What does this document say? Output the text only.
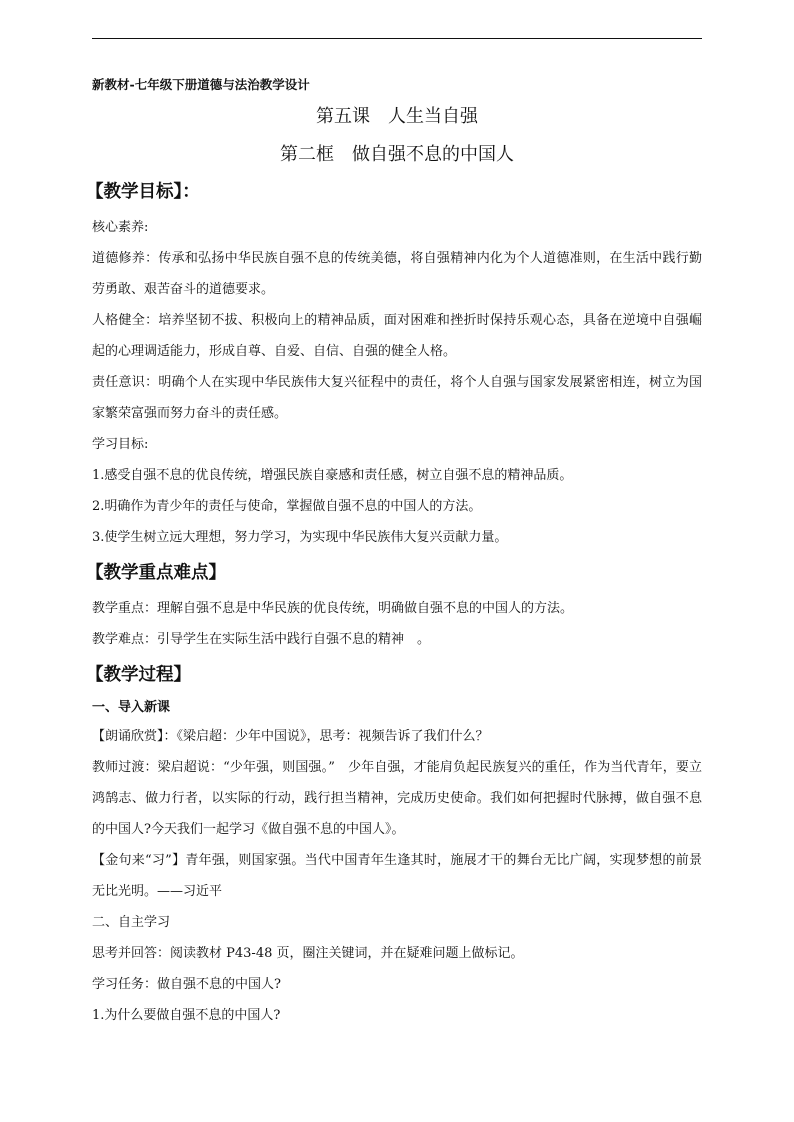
新教材-七年级下册道德与法治教学设计

第五课　人生当自强

第二框　做自强不息的中国人

【教学目标】：

核心素养:

道德修养：传承和弘扬中华民族自强不息的传统美德，将自强精神内化为个人道德准则，在生活中践行勤劳勇敢、艰苦奋斗的道德要求。

人格健全：培养坚韧不拔、积极向上的精神品质，面对困难和挫折时保持乐观心态，具备在逆境中自强崛起的心理调适能力，形成自尊、自爱、自信、自强的健全人格。

责任意识：明确个人在实现中华民族伟大复兴征程中的责任，将个人自强与国家发展紧密相连，树立为国家繁荣富强而努力奋斗的责任感。

学习目标:

1.感受自强不息的优良传统，增强民族自豪感和责任感，树立自强不息的精神品质。

2.明确作为青少年的责任与使命，掌握做自强不息的中国人的方法。

3.使学生树立远大理想，努力学习，为实现中华民族伟大复兴贡献力量。

【教学重点难点】

教学重点：理解自强不息是中华民族的优良传统，明确做自强不息的中国人的方法。

教学难点：引导学生在实际生活中践行自强不息的精神　。

【教学过程】

一、导入新课

【朗诵欣赏】：《梁启超：少年中国说》，思考：视频告诉了我们什么？

教师过渡：梁启超说：“少年强，则国强。”　少年自强，才能肩负起民族复兴的重任，作为当代青年，要立鸿鹄志、做力行者，以实际的行动，践行担当精神，完成历史使命。我们如何把握时代脉搏，做自强不息的中国人?今天我们一起学习《做自强不息的中国人》。

【金句来“习”】青年强，则国家强。当代中国青年生逢其时，施展才干的舞台无比广阔，实现梦想的前景无比光明。——习近平

二、自主学习

思考并回答：阅读教材 P43-48 页，圈注关键词，并在疑难问题上做标记。

学习任务：做自强不息的中国人?

1.为什么要做自强不息的中国人?
